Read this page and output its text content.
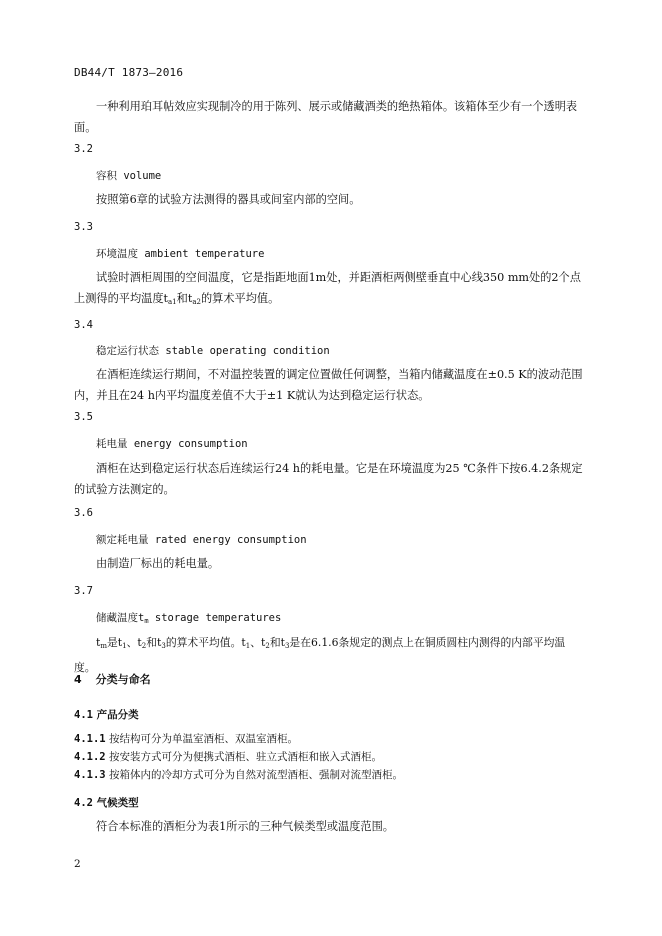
DB44/T 1873—2016
一种利用珀耳帖效应实现制冷的用于陈列、展示或储藏酒类的绝热箱体。该箱体至少有一个透明表面。
3.2
容积 volume
按照第6章的试验方法测得的器具或间室内部的空间。
3.3
环境温度 ambient temperature
试验时酒柜周围的空间温度，它是指距地面1m处，并距酒柜两侧壁垂直中心线350 mm处的2个点上测得的平均温度$t_{a1}$和$t_{a2}$的算术平均值。
3.4
稳定运行状态 stable operating condition
在酒柜连续运行期间，不对温控装置的调定位置做任何调整，当箱内储藏温度在±0.5 K的波动范围内，并且在24 h内平均温度差值不大于±1 K就认为达到稳定运行状态。
3.5
耗电量 energy consumption
酒柜在达到稳定运行状态后连续运行24 h的耗电量。它是在环境温度为25 ℃条件下按6.4.2条规定的试验方法测定的。
3.6
额定耗电量 rated energy consumption
由制造厂标出的耗电量。
3.7
储藏温度$t_m$ storage temperatures
$t_m$是$t_1$、$t_2$和$t_3$的算术平均值。$t_1$、$t_2$和$t_3$是在6.1.6条规定的测点上在铜质圆柱内测得的内部平均温度。
4 分类与命名
4.1 产品分类
4.1.1 按结构可分为单温室酒柜、双温室酒柜。
4.1.2 按安装方式可分为便携式酒柜、驻立式酒柜和嵌入式酒柜。
4.1.3 按箱体内的冷却方式可分为自然对流型酒柜、强制对流型酒柜。
4.2 气候类型
符合本标准的酒柜分为表1所示的三种气候类型或温度范围。
2
